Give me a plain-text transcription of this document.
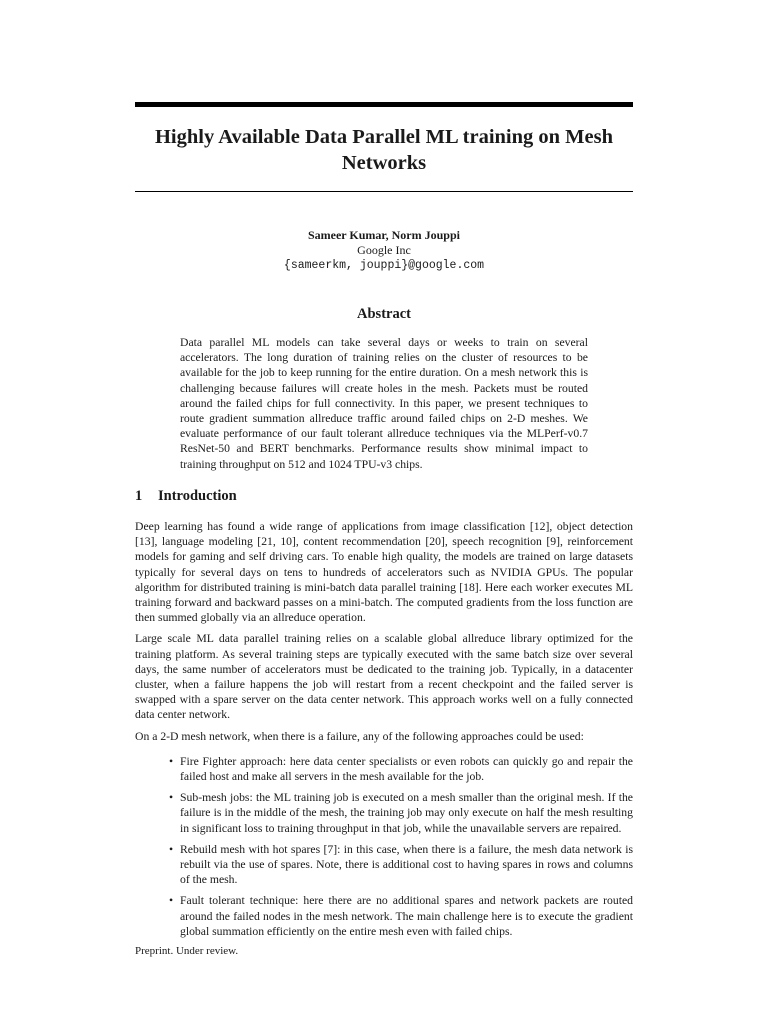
Highly Available Data Parallel ML training on Mesh Networks
Sameer Kumar, Norm Jouppi
Google Inc
{sameerkm, jouppi}@google.com
Abstract

Data parallel ML models can take several days or weeks to train on several accelerators. The long duration of training relies on the cluster of resources to be available for the job to keep running for the entire duration. On a mesh network this is challenging because failures will create holes in the mesh. Packets must be routed around the failed chips for full connectivity. In this paper, we present techniques to route gradient summation allreduce traffic around failed chips on 2-D meshes. We evaluate performance of our fault tolerant allreduce techniques via the MLPerf-v0.7 ResNet-50 and BERT benchmarks. Performance results show minimal impact to training throughput on 512 and 1024 TPU-v3 chips.

1 Introduction

Deep learning has found a wide range of applications from image classification [12], object detection [13], language modeling [21, 10], content recommendation [20], speech recognition [9], reinforcement models for gaming and self driving cars. To enable high quality, the models are trained on large datasets typically for several days on tens to hundreds of accelerators such as NVIDIA GPUs. The popular algorithm for distributed training is mini-batch data parallel training [18]. Here each worker executes ML training forward and backward passes on a mini-batch. The computed gradients from the loss function are then summed globally via an allreduce operation.

Large scale ML data parallel training relies on a scalable global allreduce library optimized for the training platform. As several training steps are typically executed with the same batch size over several days, the same number of accelerators must be dedicated to the training job. Typically, in a datacenter cluster, when a failure happens the job will restart from a recent checkpoint and the failed server is swapped with a spare server on the data center network. This approach works well on a fully connected data center network.

On a 2-D mesh network, when there is a failure, any of the following approaches could be used:

• Fire Fighter approach: here data center specialists or even robots can quickly go and repair the failed host and make all servers in the mesh available for the job.
• Sub-mesh jobs: the ML training job is executed on a mesh smaller than the original mesh. If the failure is in the middle of the mesh, the training job may only execute on half the mesh resulting in significant loss to training throughput in that job, while the unavailable servers are repaired.
• Rebuild mesh with hot spares [7]: in this case, when there is a failure, the mesh data network is rebuilt via the use of spares. Note, there is additional cost to having spares in rows and columns of the mesh.
• Fault tolerant technique: here there are no additional spares and network packets are routed around the failed nodes in the mesh network. The main challenge here is to execute the gradient global summation efficiently on the entire mesh even with failed chips.
Preprint. Under review.
